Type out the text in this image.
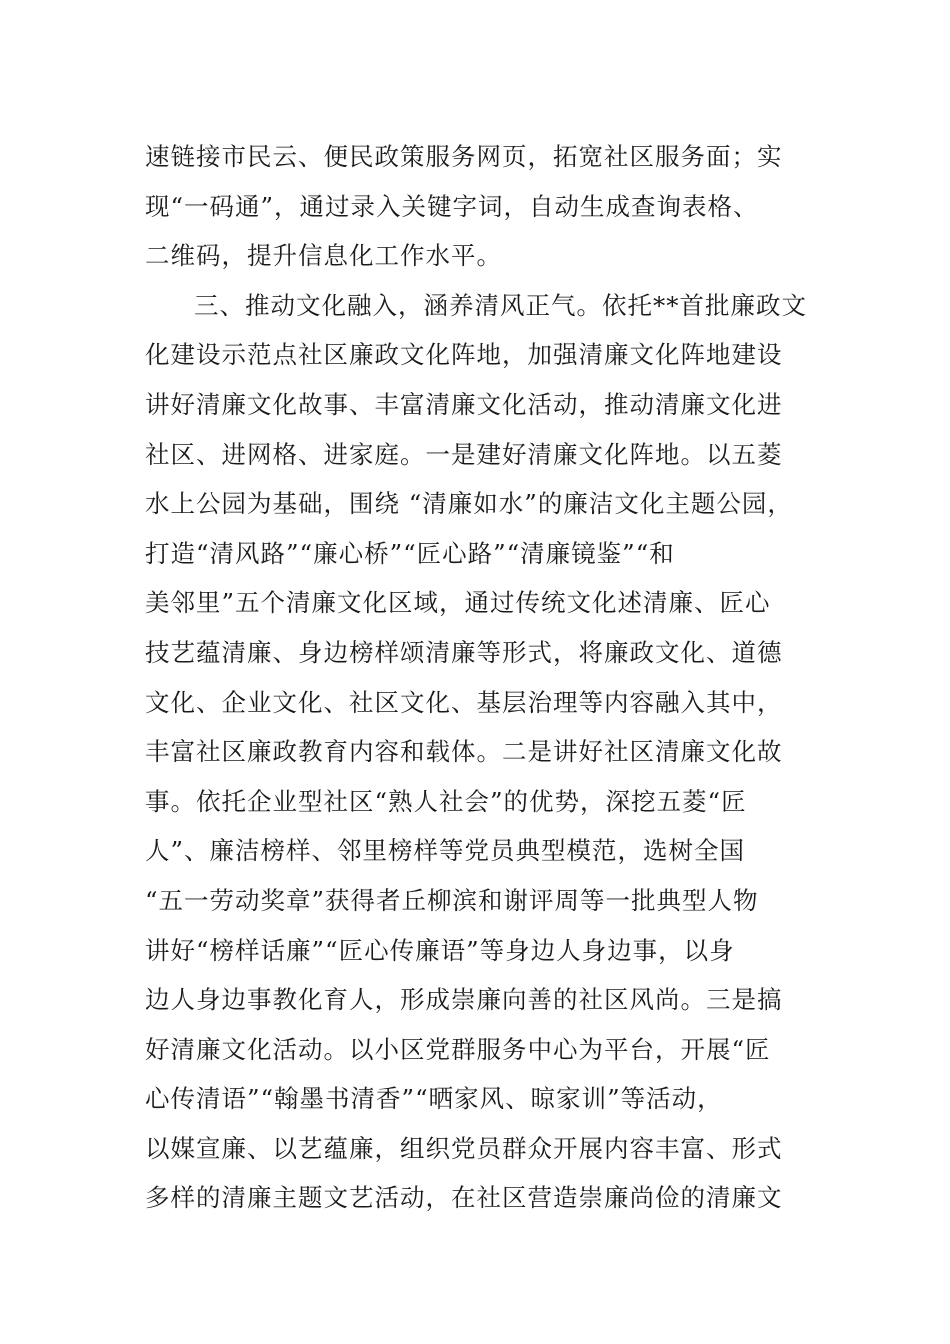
速链接市民云、便民政策服务网页，拓宽社区服务面；实
现“一码通”，通过录入关键字词，自动生成查询表格、
二维码，提升信息化工作水平。
三、推动文化融入，涵养清风正气。依托**首批廉政文
化建设示范点社区廉政文化阵地，加强清廉文化阵地建设
讲好清廉文化故事、丰富清廉文化活动，推动清廉文化进
社区、进网格、进家庭。一是建好清廉文化阵地。以五菱
水上公园为基础，围绕 “清廉如水”的廉洁文化主题公园，
打造“清风路”“廉心桥”“匠心路”“清廉镜鉴”“和
美邻里”五个清廉文化区域，通过传统文化述清廉、匠心
技艺蕴清廉、身边榜样颂清廉等形式，将廉政文化、道德
文化、企业文化、社区文化、基层治理等内容融入其中，
丰富社区廉政教育内容和载体。二是讲好社区清廉文化故
事。依托企业型社区“熟人社会”的优势，深挖五菱“匠
人”、廉洁榜样、邻里榜样等党员典型模范，选树全国
“五一劳动奖章”获得者丘柳滨和谢评周等一批典型人物
讲好“榜样话廉”“匠心传廉语”等身边人身边事，以身
边人身边事教化育人，形成崇廉向善的社区风尚。三是搞
好清廉文化活动。以小区党群服务中心为平台，开展“匠
心传清语”“翰墨书清香”“晒家风、晾家训”等活动，
以媒宣廉、以艺蕴廉，组织党员群众开展内容丰富、形式
多样的清廉主题文艺活动，在社区营造崇廉尚俭的清廉文
